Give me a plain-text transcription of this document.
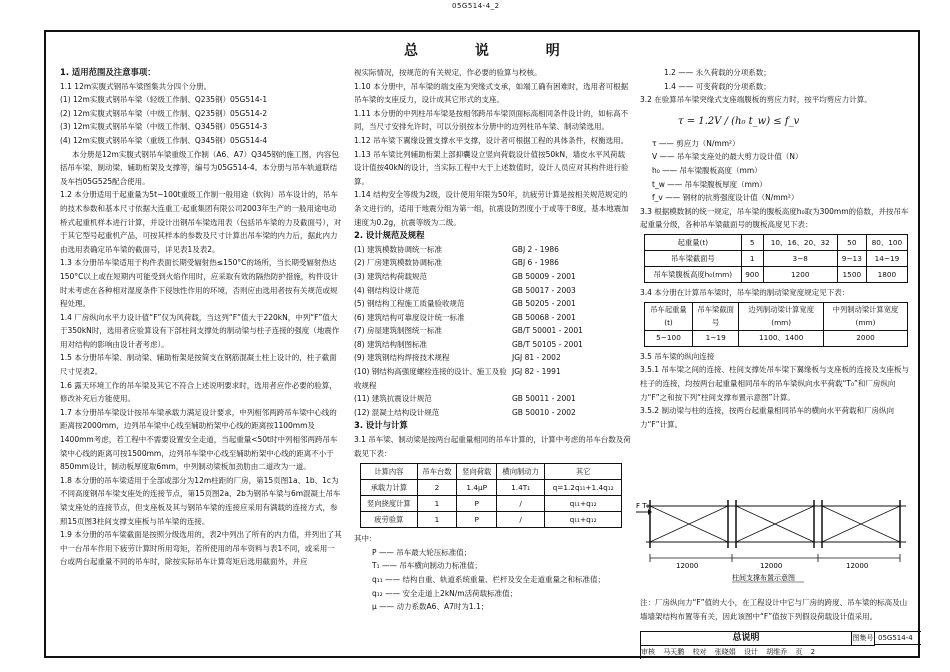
05G514-4_2
总 说 明
1. 适用范围及注意事项：
1.1 12m实腹式钢吊车梁图集共分四个分册。
(1) 12m实腹式钢吊车梁（轻级工作制、Q235钢） 05G514-1
(2) 12m实腹式钢吊车梁（中级工作制、Q235钢） 05G514-2
(3) 12m实腹式钢吊车梁（中级工作制、Q345钢） 05G514-3
(4) 12m实腹式钢吊车梁（重级工作制、Q345钢） 05G514-4
本分册是12m实腹式钢吊车梁重级工作制（A6、A7）Q345钢的施工图，内容包括吊车梁、制动梁、辅助桁架及支撑等，编号为05G514-4。本分册与吊车轨道联结及车挡05G525配合使用。
1.2 本分册适用于起重量为5t~100t重级工作制一般用途（软钩）吊车设计的，吊车的技术参数和基本尺寸依据大连重工·起重集团有限公司2003年生产的一般用途电动桥式起重机样本进行计算，并设计出钢吊车梁选用表（包括吊车梁的力及截面号），对于其它型号起重机产品，可按其样本的参数及尺寸计算出吊车梁的内力后，据此内力由选用表确定吊车梁的截面号，详见表1及表2。
1.3 本分册吊车梁适用于构件表面长期受辐射热≤150°C的场所，当长期受辐射热达150°C以上或在短期内可能受到火焰作用时，应采取有效的隔热防护措施，构件设计时未考虑在各种相对湿度条件下侵蚀性作用的环境，否则应由选用者按有关规范或规程处理。
1.4 厂房纵向水平力设计值“F”仅为风荷载，当这列“F”值大于220kN，中列“F”值大于350kN时，选用者应验算设有下部柱间支撑处的制动梁与柱子连接的强度（地震作用对结构的影响由设计者考虑）。
1.5 本分册吊车梁、制动梁、辅助桁架是按简支在钢筋混凝土柱上设计的，柱子截面尺寸见表2。
1.6 露天环境工作的吊车梁及其它不符合上述说明要求时，选用者应作必要的验算，修改补充后方能使用。
1.7 本分册吊车梁设计按吊车梁承载力满足设计要求，中列相邻两跨吊车梁中心线的距离按2000mm，边列吊车梁中心线至辅助桁架中心线的距离按1100mm及1400mm考虑，若工程中不需要设置安全走道，当起重量<50t时中列相邻两跨吊车梁中心线的距离可按1500mm，边列吊车梁中心线至辅助桁架中心线的距离不小于850mm设计，制动板厚度取6mm，中列制动梁板加劲肋由二道改为一道。
1.8 本分册的吊车梁适用于全部或部分为12m柱距的厂房，第15页图1a、1b、1c为不同高度钢吊车梁支座处的连接节点，第15页图2a、2b为钢吊车梁与6m混凝土吊车梁支座处的连接节点，但支座板及其与钢吊车梁的连接应采用有满载的连接方式，参照15页图3柱间支撑支座板与吊车梁的连接。
1.9 本分册的吊车梁截面是按照分级选用的，表2中列出了所有的内力值，并列出了其中一台吊车作用下疲劳计算时所用弯矩，若所使用的吊车资料与表1不同，或采用一台或两台起重量不同的吊车时，除按实际吊车计算弯矩后选用截面外，并应
视实际情况，按规范的有关规定，作必要的验算与校核。
1.10 本分册中，吊车梁的端支座为突缘式支承，如端工确有困难时，选用者可根据吊车梁的支座反力，设计成其它形式的支座。
1.11 本分册的中列柱吊车梁是按相邻跨吊车梁顶面标高相同条件设计的，如标高不同，当尺寸安排允许时，可以分别按本分册中的边列柱吊车梁、制动梁选用。
1.12 吊车梁下翼缘设置支撑水平支撑，设计者可根据工程的具体条件，权衡选用。
1.13 吊车梁比列辅助桁架上部抑囊设立竖向荷载设计值按50kN，墙皮水平风荷载设计值按40kN的设计，当实际工程中大于上述数值时，设计人员应对其构件进行验算。
1.14 结构安全等级为2级，设计使用年限为50年，抗疲劳计算是按相关规范规定的条文进行的，适用于地震分组为第一组，抗震设防烈度小于或等于8度，基本地震加速度为0.2g，抗震等级为二级。
2. 设计规范及规程
(1) 建筑模数协调统一标准	GBJ 2 - 1986
(2) 厂房建筑模数协调标准	GBJ 6 - 1986
(3) 建筑结构荷载规范	GB 50009 - 2001
(4) 钢结构设计规范	GB 50017 - 2003
(5) 钢结构工程施工质量验收规范	GB 50205 - 2001
(6) 建筑结构可靠度设计统一标准	GB 50068 - 2001
(7) 房屋建筑制图统一标准	GB/T 50001 - 2001
(8) 建筑结构制图标准	GB/T 50105 - 2001
(9) 建筑钢结构焊接技术规程	JGJ 81 - 2002
(10) 钢结构高强度螺栓连接的设计、施工及验收规程
JGJ 82 - 1991
(11) 建筑抗震设计规范	GB 50011 - 2001
(12) 混凝土结构设计规范	GB 50010 - 2002
3. 设计与计算
3.1 吊车梁、制动梁是按两台起重量相同的吊车计算的，计算中考虑的吊车台数及荷载见下表：
计算内容	吊车台数	竖向荷载	横向制动力	其它
承载力计算	2	1.4μP	1.4T₁	q=1.2q₁₁+1.4q₁₂
竖向挠度计算	1	P	/	q₁₁+q₁₂
疲劳验算	1	P	/	q₁₁+q₁₂
其中：
P —— 吊车最大轮压标准值；
T₁ —— 吊车横向制动力标准值；
q₁₁ —— 结构自重、轨道系统重量、栏杆及安全走道重量之和标准值；
q₁₂ —— 安全走道上2kN/m活荷载标准值；
μ —— 动力系数A6、A7时为1.1；
1.2 —— 永久荷载的分项系数；
1.4 —— 可变荷载的分项系数；
3.2 在验算吊车梁突缘式支座端腹板的剪应力时，按平均剪应力计算。
τ = 1.2V / (h₀ t_w) ≤ f_v
τ —— 剪应力（N/mm²）
V —— 吊车梁支座处的最大剪力设计值（N）
h₀ —— 吊车梁腹板高度（mm）
t_w —— 吊车梁腹板厚度（mm）
f_v —— 钢材的抗剪强度设计值（N/mm²）
3.3 根据模数制的统一规定，吊车梁的腹板高度h₀取为300mm的倍数，并按吊车起重量分级，各种吊车梁截面号的腹板高度见下表：
起重量(t)	5	10、16、20、32	50	80、100
吊车梁截面号	1	3~8	9~13	14~19
吊车梁腹板高度h₀(mm)	900	1200	1500	1800
3.4 本分册在计算吊车梁时，吊车梁的制动梁宽度规定见下表：
吊车起重量(t)	吊车梁截面号	边列制动梁计算宽度(mm)	中列制动梁计算宽度(mm)
5~100	1~19	1100、1400	2000
3.5 吊车梁的纵向连接
3.5.1 吊车梁之间的连接、柱间支撑处吊车梁下翼缘板与支座板的连接及支座板与柱子的连接，均按两台起重量相同吊车的吊车梁纵向水平荷载“T₀”和厂房纵向力“F”之和按下列“柱间支撑布置示意图”计算。
3.5.2 制动梁与柱的连接，按两台起重量相同吊车的横向水平荷载和厂房纵向力“F”计算。
F T₀
12000	12000	12000
柱间支撑布置示意图
注：厂房纵向力“F”值的大小，在工程设计中它与厂房的跨度、吊车梁的标高及山墙墙架结构布置等有关，因此该图中“F”值按下列假设荷载设计值采用。
总说明	图集号 05G514-4
审核 马天鹏 校对 张晓娟 设计 胡维乔 页 2
